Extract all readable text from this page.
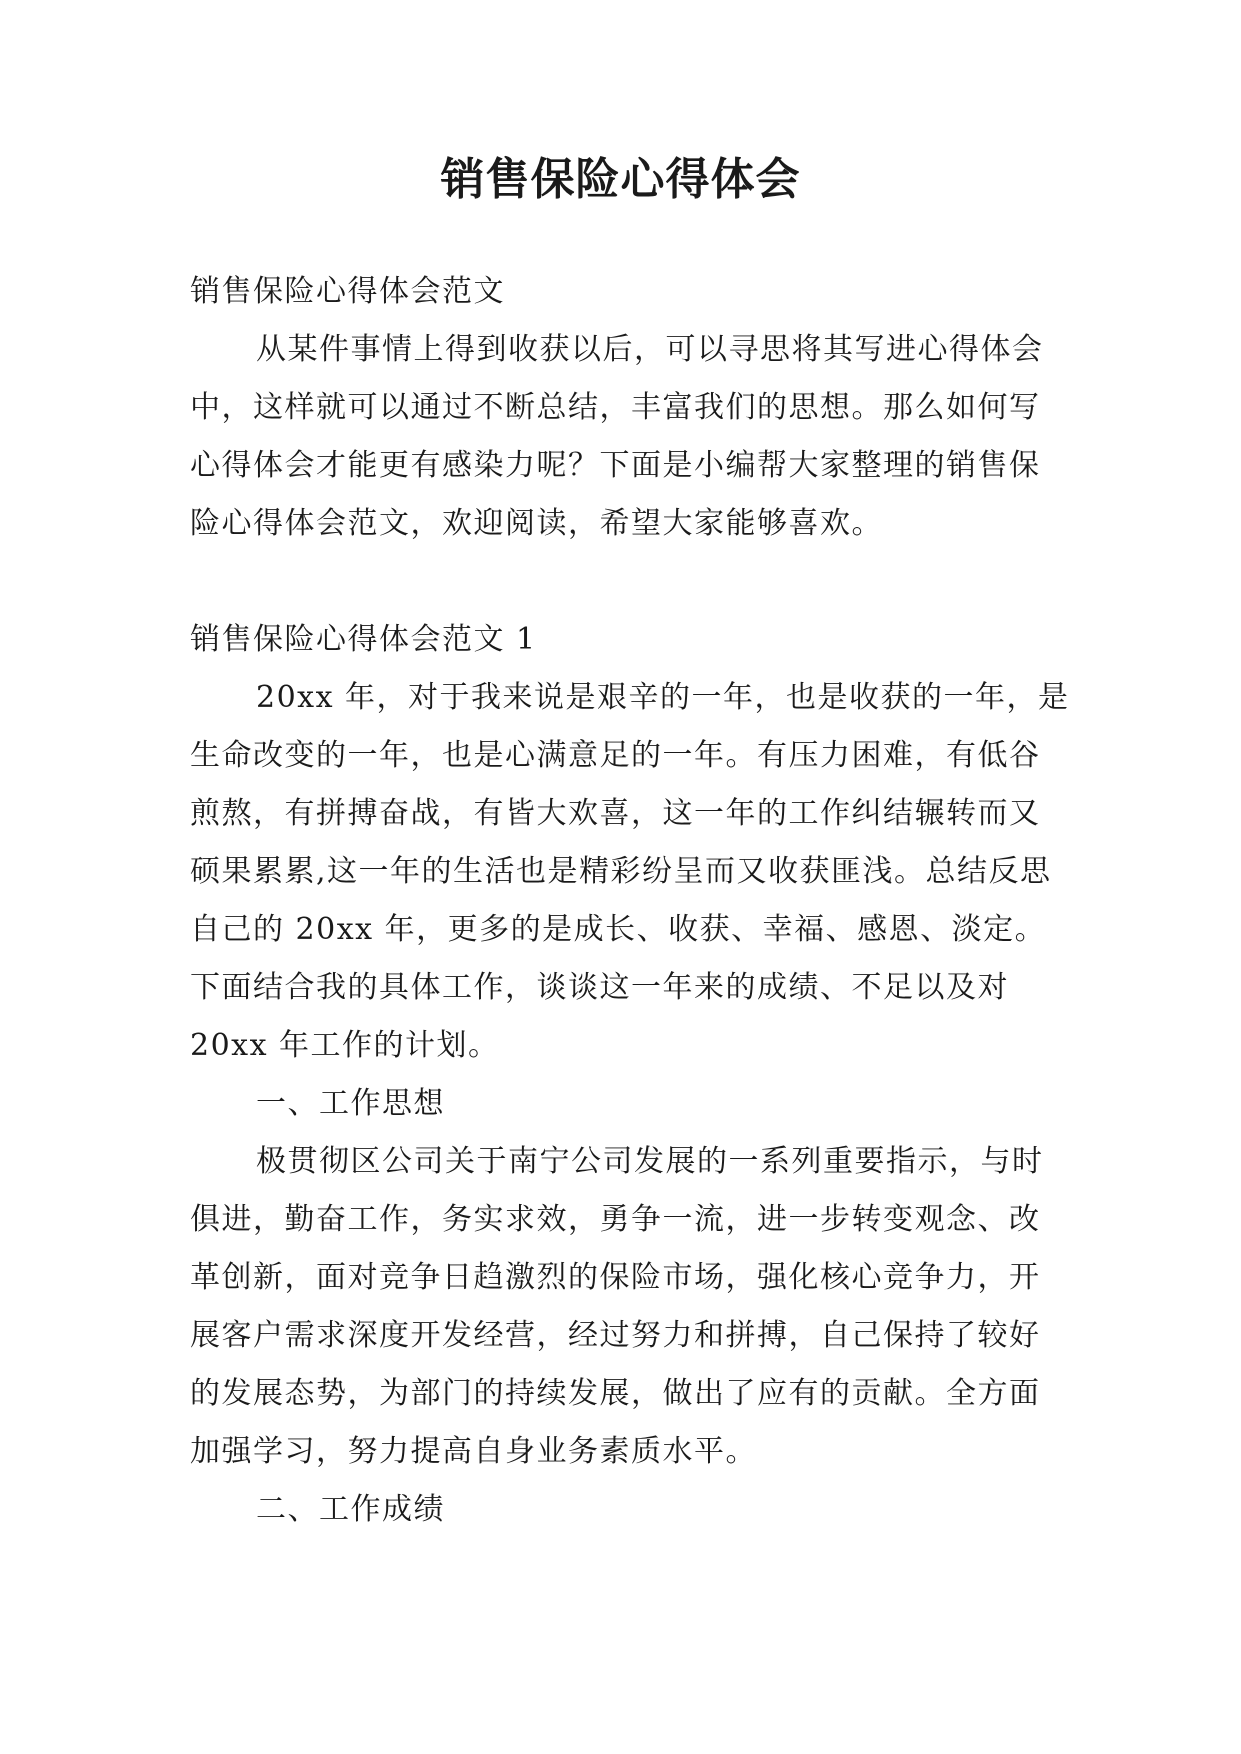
销售保险心得体会

销售保险心得体会范文

从某件事情上得到收获以后，可以寻思将其写进心得体会中，这样就可以通过不断总结，丰富我们的思想。那么如何写心得体会才能更有感染力呢？下面是小编帮大家整理的销售保险心得体会范文，欢迎阅读，希望大家能够喜欢。

销售保险心得体会范文 1

20xx 年，对于我来说是艰辛的一年，也是收获的一年，是生命改变的一年，也是心满意足的一年。有压力困难，有低谷煎熬，有拼搏奋战，有皆大欢喜，这一年的工作纠结辗转而又硕果累累,这一年的生活也是精彩纷呈而又收获匪浅。总结反思自己的 20xx 年，更多的是成长、收获、幸福、感恩、淡定。下面结合我的具体工作，谈谈这一年来的成绩、不足以及对 20xx 年工作的计划。

一、工作思想

极贯彻区公司关于南宁公司发展的一系列重要指示，与时俱进，勤奋工作，务实求效，勇争一流，进一步转变观念、改革创新，面对竞争日趋激烈的保险市场，强化核心竞争力，开展客户需求深度开发经营，经过努力和拼搏，自己保持了较好的发展态势，为部门的持续发展，做出了应有的贡献。全方面加强学习，努力提高自身业务素质水平。

二、工作成绩
